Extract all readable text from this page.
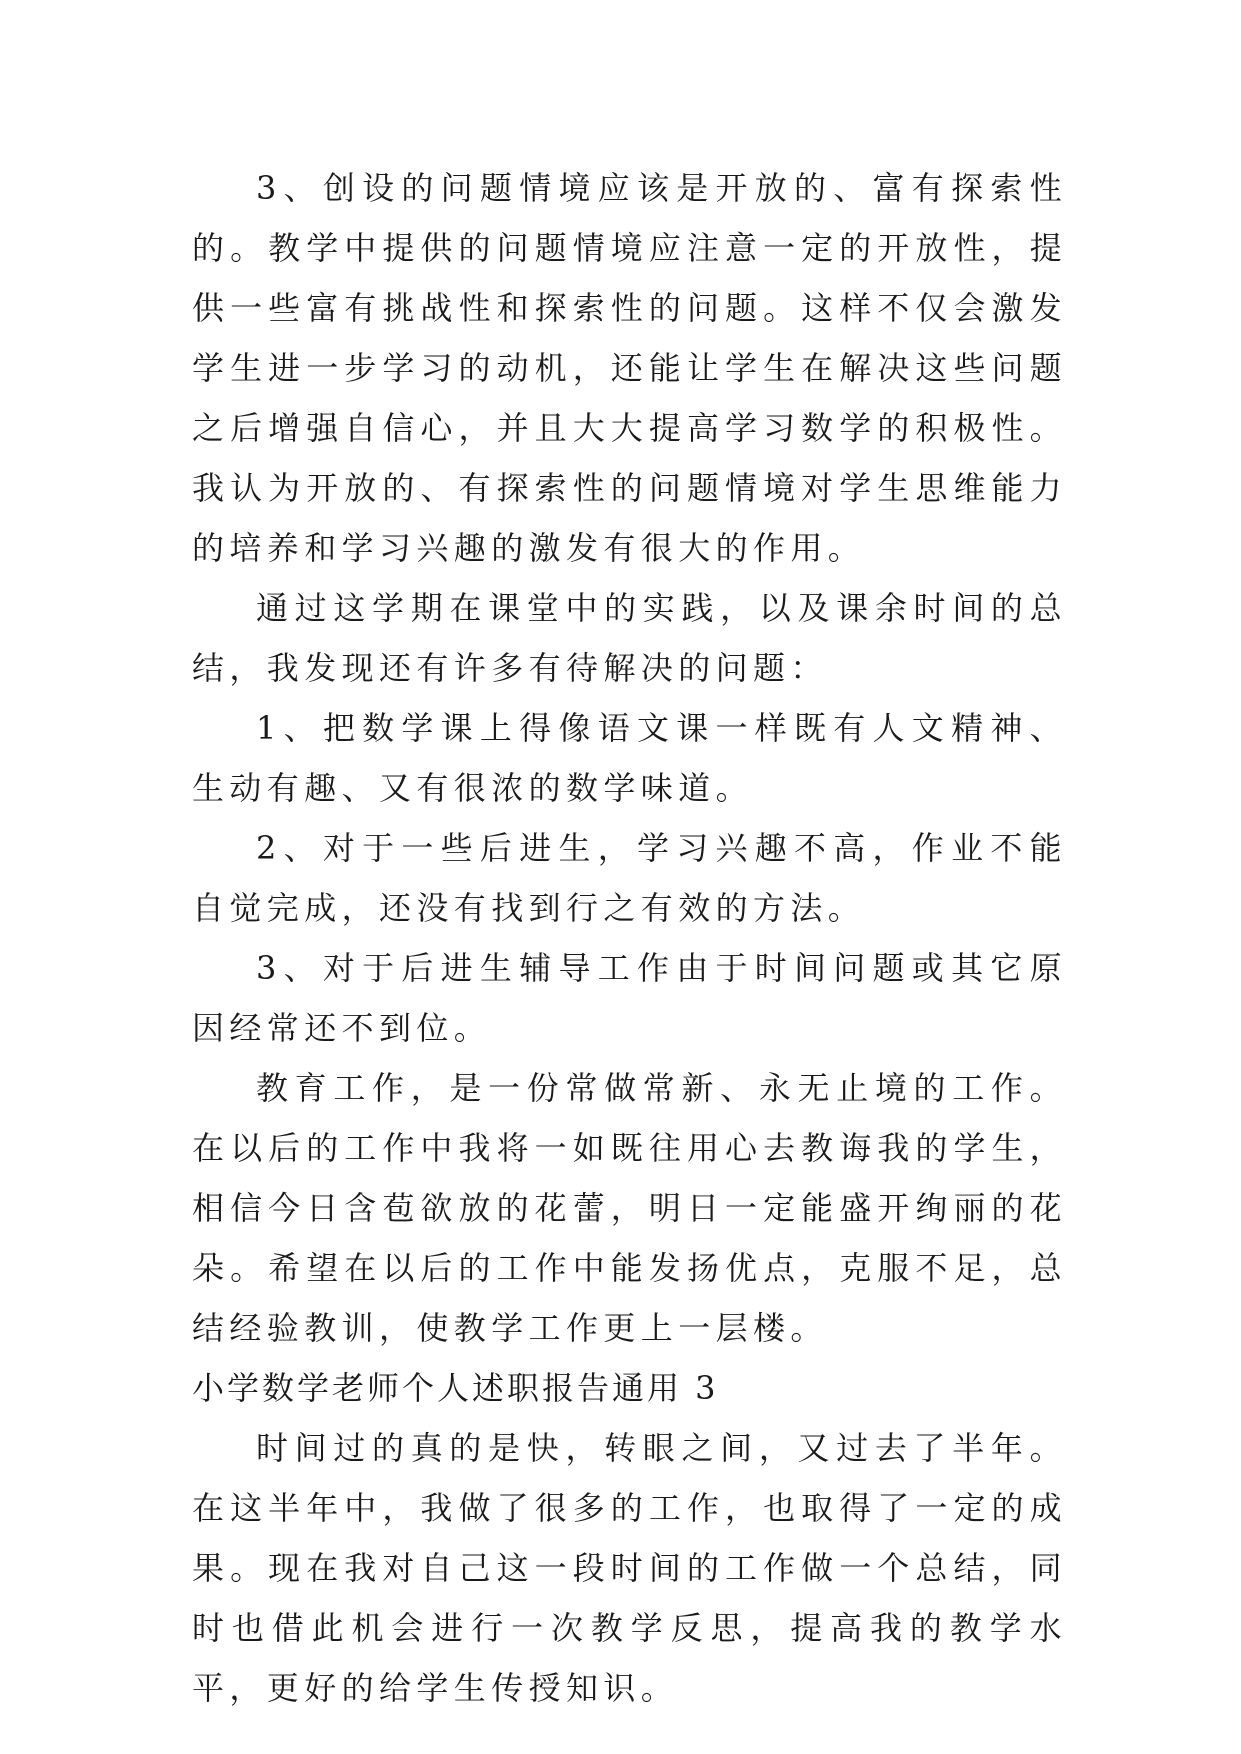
3、创设的问题情境应该是开放的、富有探索性的。教学中提供的问题情境应注意一定的开放性，提供一些富有挑战性和探索性的问题。这样不仅会激发学生进一步学习的动机，还能让学生在解决这些问题之后增强自信心，并且大大提高学习数学的积极性。我认为开放的、有探索性的问题情境对学生思维能力的培养和学习兴趣的激发有很大的作用。

通过这学期在课堂中的实践，以及课余时间的总结，我发现还有许多有待解决的问题：

1、把数学课上得像语文课一样既有人文精神、生动有趣、又有很浓的数学味道。

2、对于一些后进生，学习兴趣不高，作业不能自觉完成，还没有找到行之有效的方法。

3、对于后进生辅导工作由于时间问题或其它原因经常还不到位。

教育工作，是一份常做常新、永无止境的工作。在以后的工作中我将一如既往用心去教诲我的学生，相信今日含苞欲放的花蕾，明日一定能盛开绚丽的花朵。希望在以后的工作中能发扬优点，克服不足，总结经验教训，使教学工作更上一层楼。

小学数学老师个人述职报告通用 3

时间过的真的是快，转眼之间，又过去了半年。在这半年中，我做了很多的工作，也取得了一定的成果。现在我对自己这一段时间的工作做一个总结，同时也借此机会进行一次教学反思，提高我的教学水平，更好的给学生传授知识。
